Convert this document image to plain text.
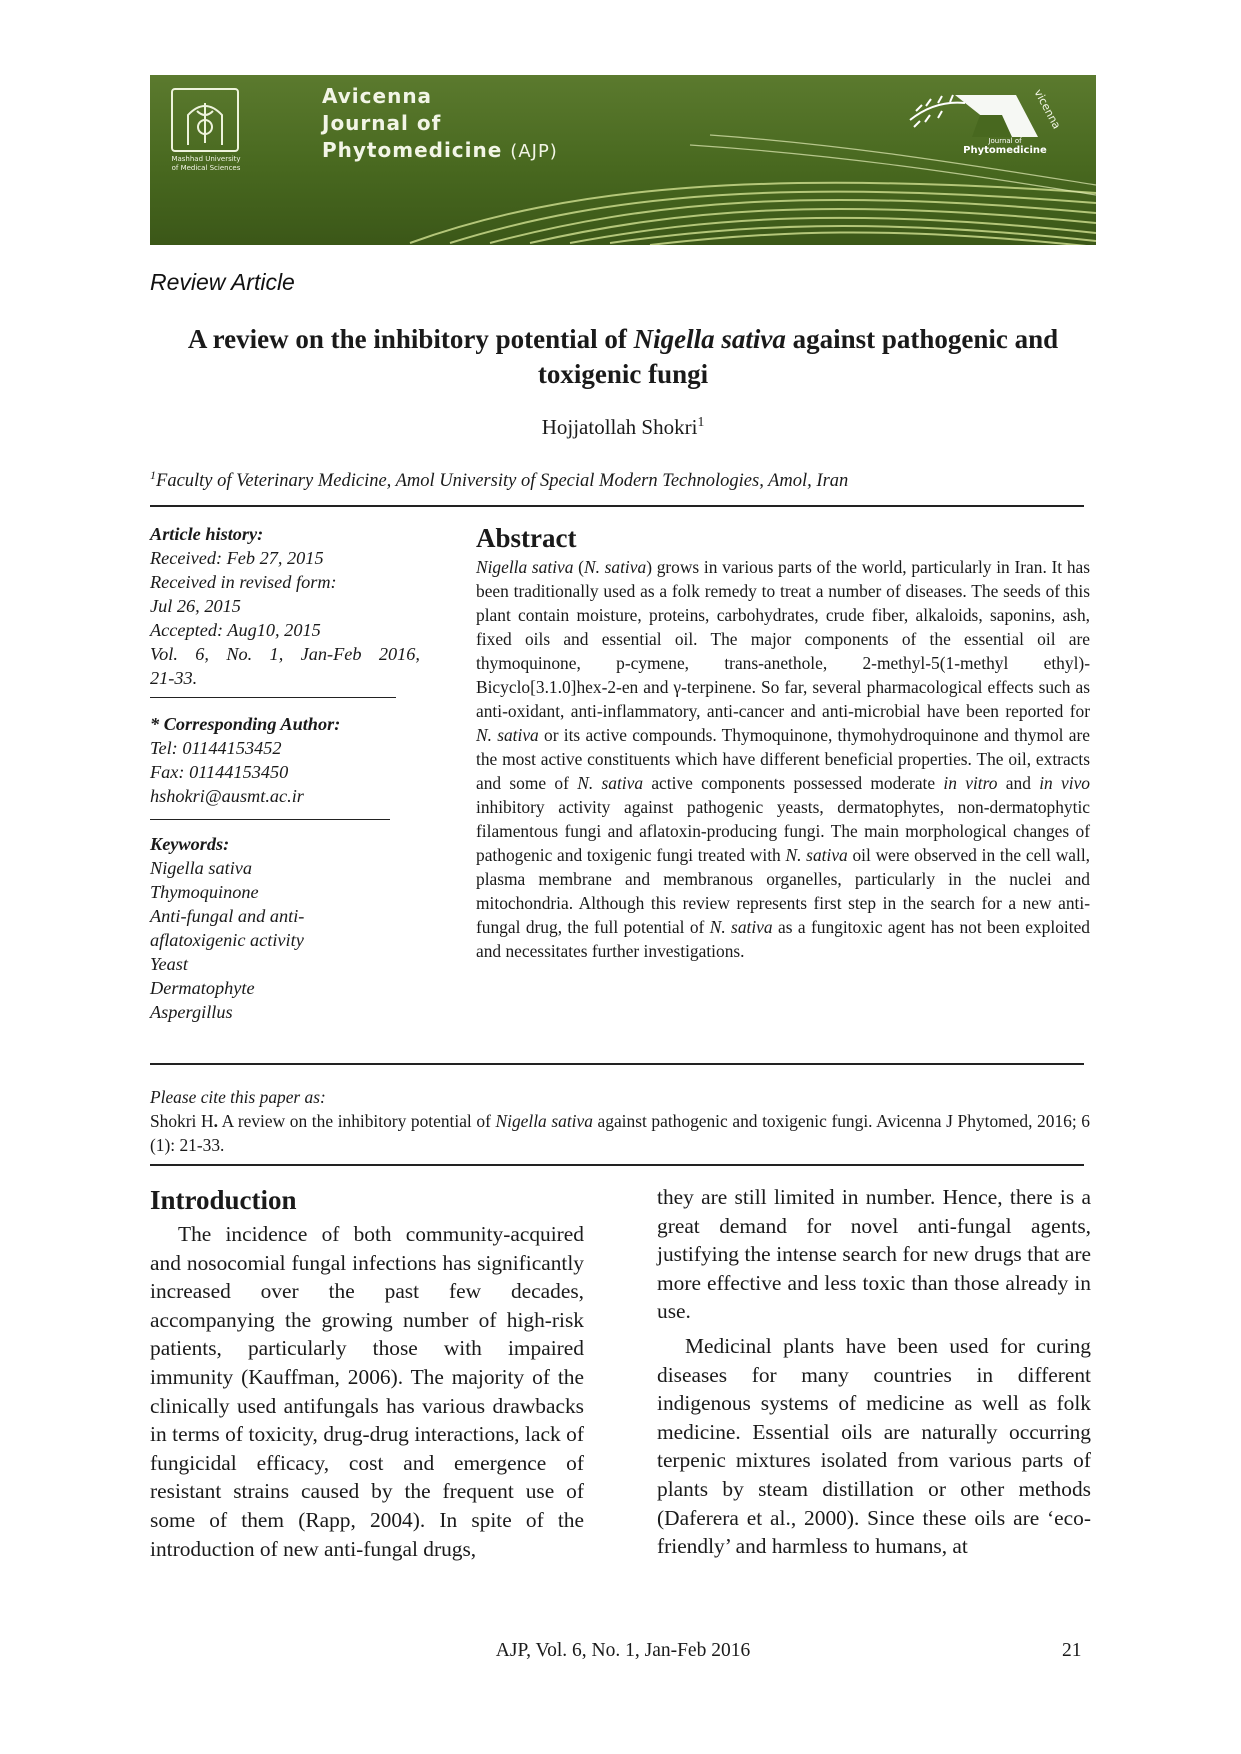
Mashhad University
of Medical Sciences
Avicenna
Journal of
Phytomedicine (AJP)
vicenna
Journal of
Phytomedicine
Review Article
A review on the inhibitory potential of Nigella sativa against pathogenic and toxigenic fungi
Hojjatollah Shokri$^1$
$^1$Faculty of Veterinary Medicine, Amol University of Special Modern Technologies, Amol, Iran
Article history:
Received: Feb 27, 2015
Received in revised form:
Jul 26, 2015
Accepted: Aug10, 2015
Vol. 6, No. 1, Jan-Feb 2016,
21-33.
* Corresponding Author:
Tel: 01144153452
Fax: 01144153450
hshokri@ausmt.ac.ir
Keywords:
Nigella sativa
Thymoquinone
Anti-fungal and anti-
aflatoxigenic activity
Yeast
Dermatophyte
Aspergillus
Abstract
Nigella sativa (N. sativa) grows in various parts of the world, particularly in Iran. It has been traditionally used as a folk remedy to treat a number of diseases. The seeds of this plant contain moisture, proteins, carbohydrates, crude fiber, alkaloids, saponins, ash, fixed oils and essential oil. The major components of the essential oil are thymoquinone, p-cymene, trans-anethole, 2-methyl-5(1-methyl ethyl)-Bicyclo[3.1.0]hex-2-en and γ-terpinene. So far, several pharmacological effects such as anti-oxidant, anti-inflammatory, anti-cancer and anti-microbial have been reported for N. sativa or its active compounds. Thymoquinone, thymohydroquinone and thymol are the most active constituents which have different beneficial properties. The oil, extracts and some of N. sativa active components possessed moderate in vitro and in vivo inhibitory activity against pathogenic yeasts, dermatophytes, non-dermatophytic filamentous fungi and aflatoxin-producing fungi. The main morphological changes of pathogenic and toxigenic fungi treated with N. sativa oil were observed in the cell wall, plasma membrane and membranous organelles, particularly in the nuclei and mitochondria. Although this review represents first step in the search for a new anti-fungal drug, the full potential of N. sativa as a fungitoxic agent has not been exploited and necessitates further investigations.
Please cite this paper as:
Shokri H. A review on the inhibitory potential of Nigella sativa against pathogenic and toxigenic fungi. Avicenna J Phytomed, 2016; 6 (1): 21-33.
Introduction

The incidence of both community-acquired and nosocomial fungal infections has significantly increased over the past few decades, accompanying the growing number of high-risk patients, particularly those with impaired immunity (Kauffman, 2006). The majority of the clinically used antifungals has various drawbacks in terms of toxicity, drug-drug interactions, lack of fungicidal efficacy, cost and emergence of resistant strains caused by the frequent use of some of them (Rapp, 2004). In spite of the introduction of new anti-fungal drugs,

they are still limited in number. Hence, there is a great demand for novel anti-fungal agents, justifying the intense search for new drugs that are more effective and less toxic than those already in use.

Medicinal plants have been used for curing diseases for many countries in different indigenous systems of medicine as well as folk medicine. Essential oils are naturally occurring terpenic mixtures isolated from various parts of plants by steam distillation or other methods (Daferera et al., 2000). Since these oils are ‘eco-friendly’ and harmless to humans, at

AJP, Vol. 6, No. 1, Jan-Feb 2016	21
